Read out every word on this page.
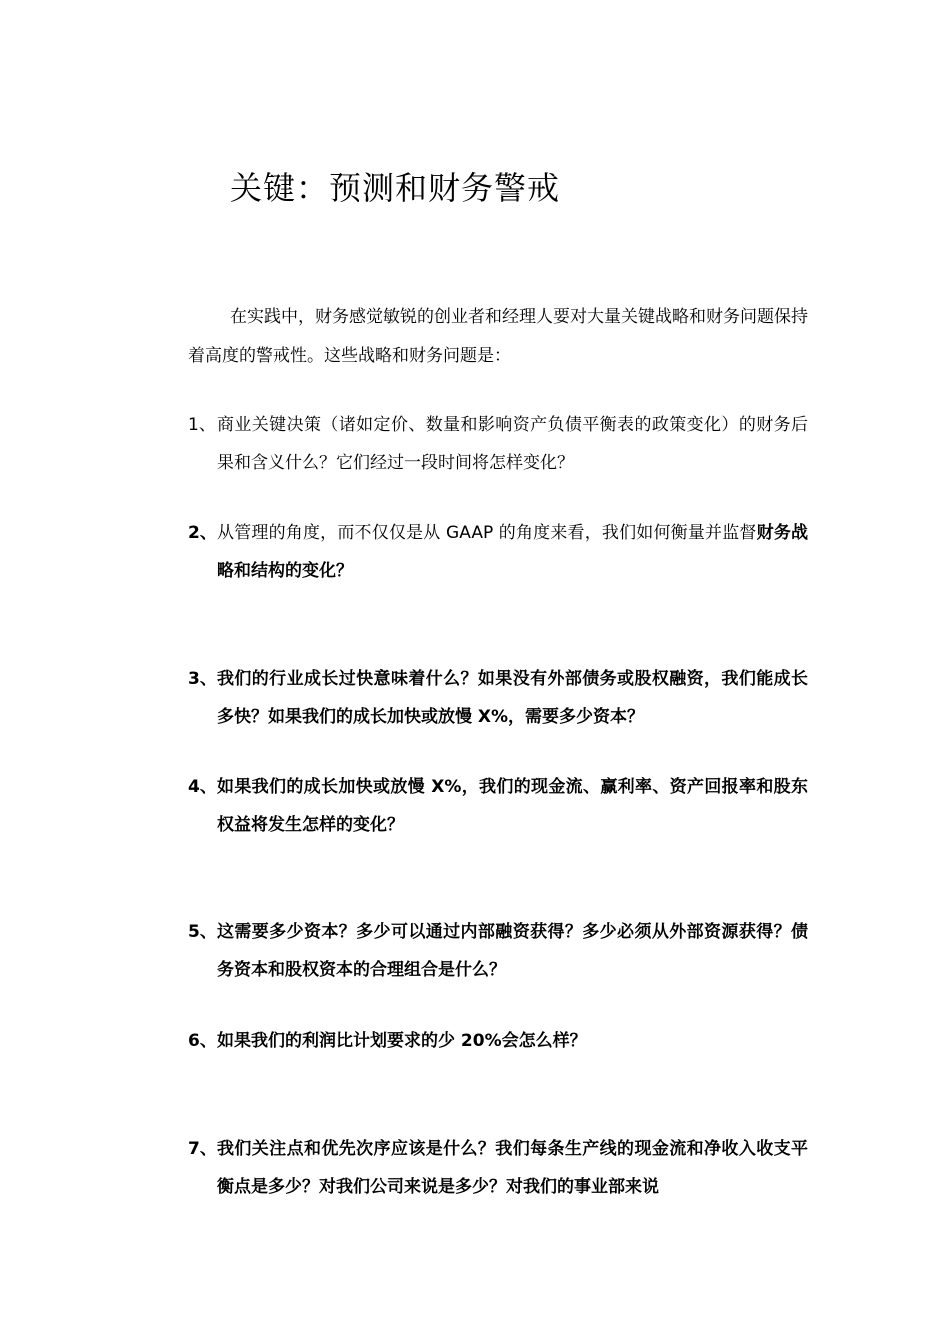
关键：预测和财务警戒

在实践中，财务感觉敏锐的创业者和经理人要对大量关键战略和财务问题保持着高度的警戒性。这些战略和财务问题是：

1、 商业关键决策（诸如定价、数量和影响资产负债平衡表的政策变化）的财务后果和含义什么？它们经过一段时间将怎样变化？
2、 从管理的角度，而不仅仅是从 GAAP 的角度来看，我们如何衡量并监督财务战略和结构的变化？
3、 我们的行业成长过快意味着什么？如果没有外部债务或股权融资，我们能成长多快？如果我们的成长加快或放慢 X%，需要多少资本？
4、 如果我们的成长加快或放慢 X%，我们的现金流、赢利率、资产回报率和股东权益将发生怎样的变化？
5、 这需要多少资本？多少可以通过内部融资获得？多少必须从外部资源获得？债务资本和股权资本的合理组合是什么？
6、 如果我们的利润比计划要求的少 20%会怎么样？
7、 我们关注点和优先次序应该是什么？我们每条生产线的现金流和净收入收支平衡点是多少？对我们公司来说是多少？对我们的事业部来说
